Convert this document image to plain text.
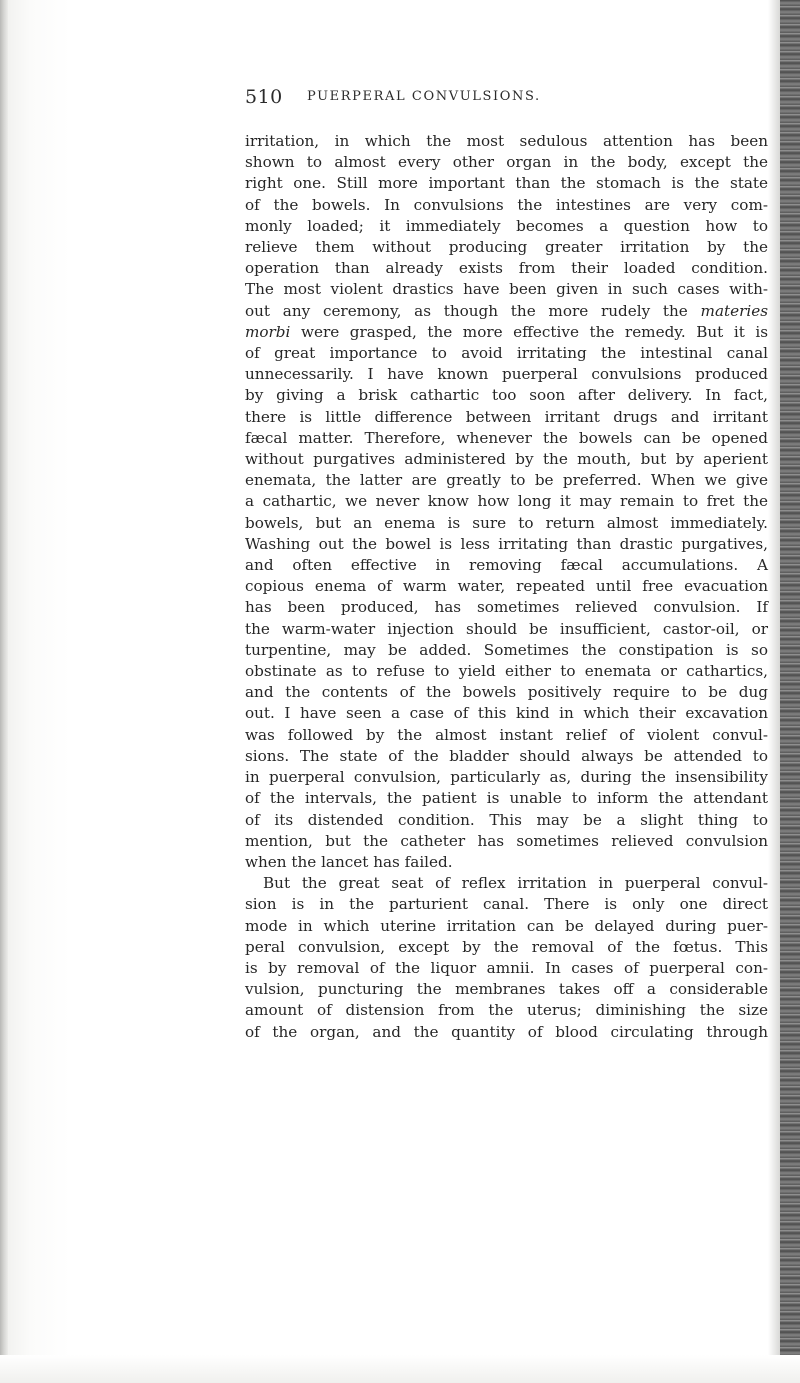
510 PUERPERAL CONVULSIONS.
irritation, in which the most sedulous attention has been
shown to almost every other organ in the body, except the
right one. Still more important than the stomach is the state
of the bowels. In convulsions the intestines are very com-
monly loaded; it immediately becomes a question how to
relieve them without producing greater irritation by the
operation than already exists from their loaded condition.
The most violent drastics have been given in such cases with-
out any ceremony, as though the more rudely the materies
morbi were grasped, the more effective the remedy. But it is
of great importance to avoid irritating the intestinal canal
unnecessarily. I have known puerperal convulsions produced
by giving a brisk cathartic too soon after delivery. In fact,
there is little difference between irritant drugs and irritant
fæcal matter. Therefore, whenever the bowels can be opened
without purgatives administered by the mouth, but by aperient
enemata, the latter are greatly to be preferred. When we give
a cathartic, we never know how long it may remain to fret the
bowels, but an enema is sure to return almost immediately.
Washing out the bowel is less irritating than drastic purgatives,
and often effective in removing fæcal accumulations. A
copious enema of warm water, repeated until free evacuation
has been produced, has sometimes relieved convulsion. If
the warm-water injection should be insufficient, castor-oil, or
turpentine, may be added. Sometimes the constipation is so
obstinate as to refuse to yield either to enemata or cathartics,
and the contents of the bowels positively require to be dug
out. I have seen a case of this kind in which their excavation
was followed by the almost instant relief of violent convul-
sions. The state of the bladder should always be attended to
in puerperal convulsion, particularly as, during the insensibility
of the intervals, the patient is unable to inform the attendant
of its distended condition. This may be a slight thing to
mention, but the catheter has sometimes relieved convulsion
when the lancet has failed.
But the great seat of reflex irritation in puerperal convul-
sion is in the parturient canal. There is only one direct
mode in which uterine irritation can be delayed during puer-
peral convulsion, except by the removal of the fœtus. This
is by removal of the liquor amnii. In cases of puerperal con-
vulsion, puncturing the membranes takes off a considerable
amount of distension from the uterus; diminishing the size
of the organ, and the quantity of blood circulating through
